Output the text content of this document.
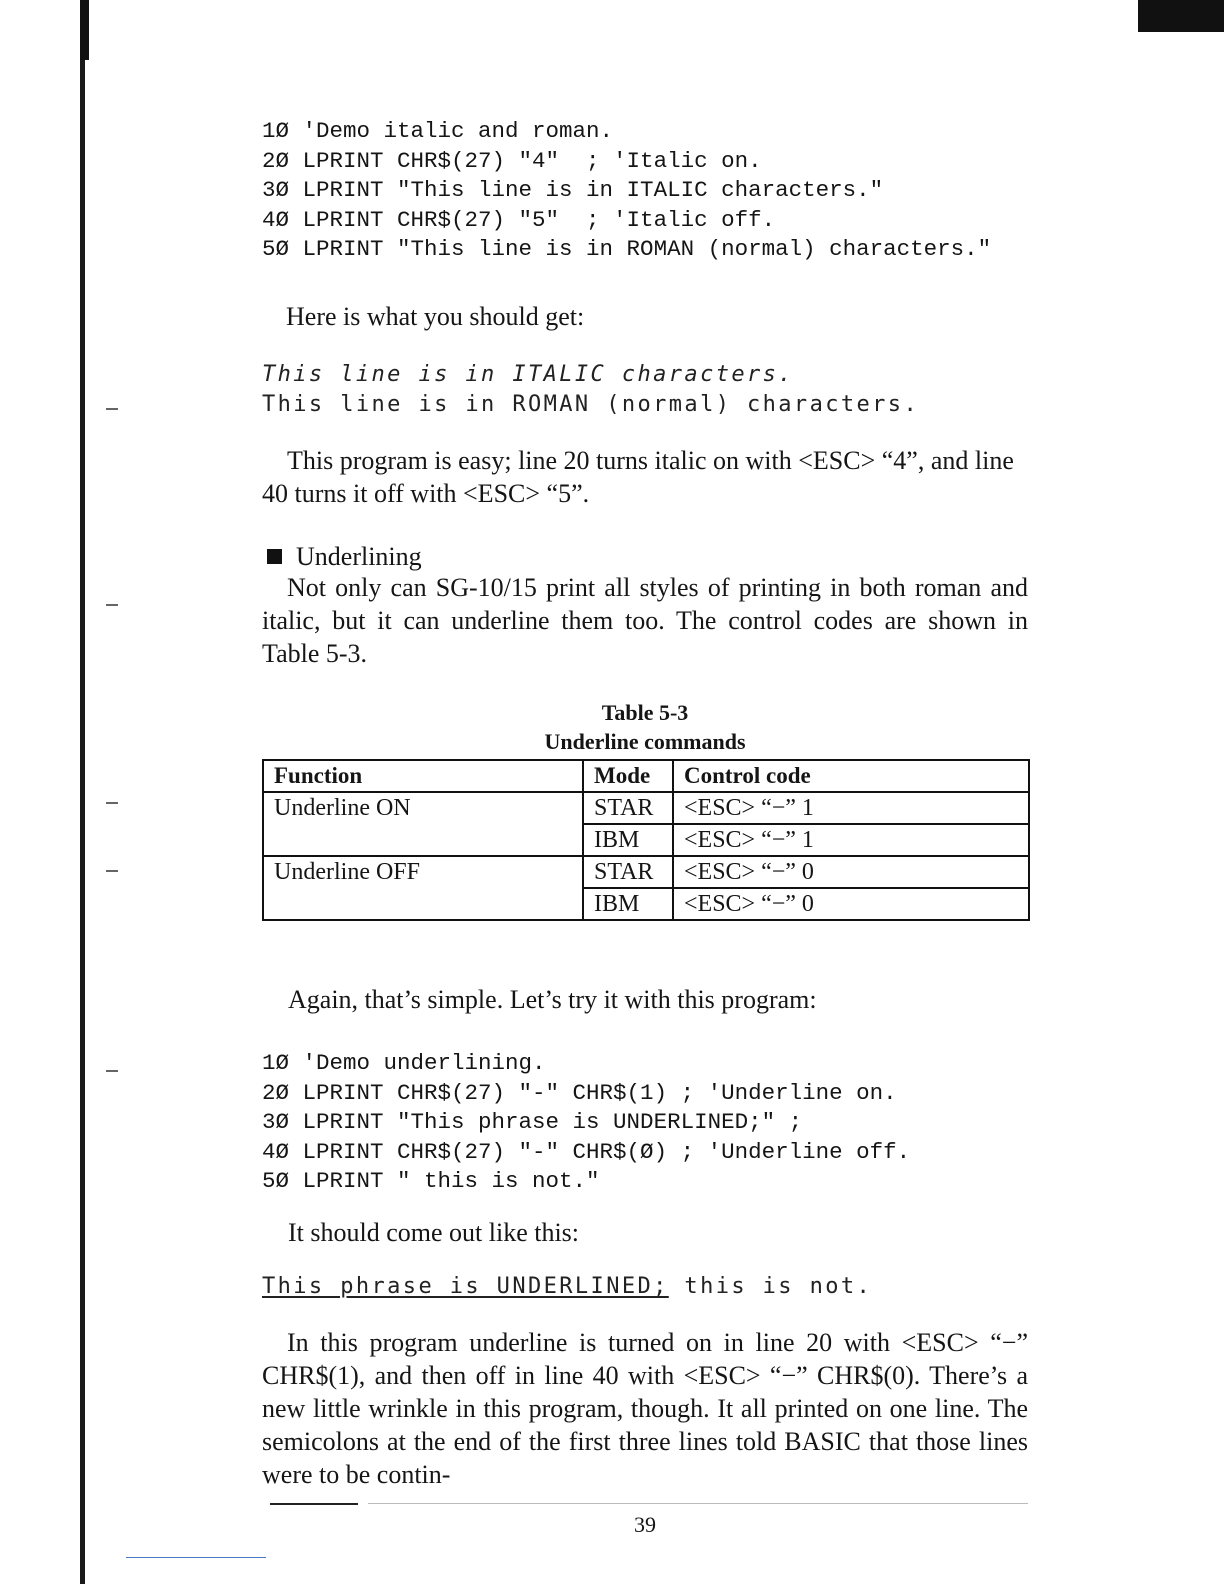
1Ø 'Demo italic and roman.
2Ø LPRINT CHR$(27) "4"  ; 'Italic on.
3Ø LPRINT "This line is in ITALIC characters."
4Ø LPRINT CHR$(27) "5"  ; 'Italic off.
5Ø LPRINT "This line is in ROMAN (normal) characters."
Here is what you should get:
This line is in ITALIC characters.
This line is in ROMAN (normal) characters.

This program is easy; line 20 turns italic on with <ESC> “4”, and line 40 turns it off with <ESC> “5”.

Underlining

Not only can SG-10/15 print all styles of printing in both roman and italic, but it can underline them too. The control codes are shown in Table 5-3.

Table 5-3
Underline commands
Function	Mode	Control code
Underline ON	STAR	<ESC> “−” 1
	IBM	<ESC> “−” 1
Underline OFF	STAR	<ESC> “−” 0
	IBM	<ESC> “−” 0
Again, that’s simple. Let’s try it with this program:
1Ø 'Demo underlining.
2Ø LPRINT CHR$(27) "-" CHR$(1) ; 'Underline on.
3Ø LPRINT "This phrase is UNDERLINED;" ;
4Ø LPRINT CHR$(27) "-" CHR$(Ø) ; 'Underline off.
5Ø LPRINT " this is not."
It should come out like this:
This phrase is UNDERLINED; this is not.

In this program underline is turned on in line 20 with <ESC> “−” CHR$(1), and then off in line 40 with <ESC> “−” CHR$(0). There’s a new little wrinkle in this program, though. It all printed on one line. The semicolons at the end of the first three lines told BASIC that those lines were to be contin-

39
